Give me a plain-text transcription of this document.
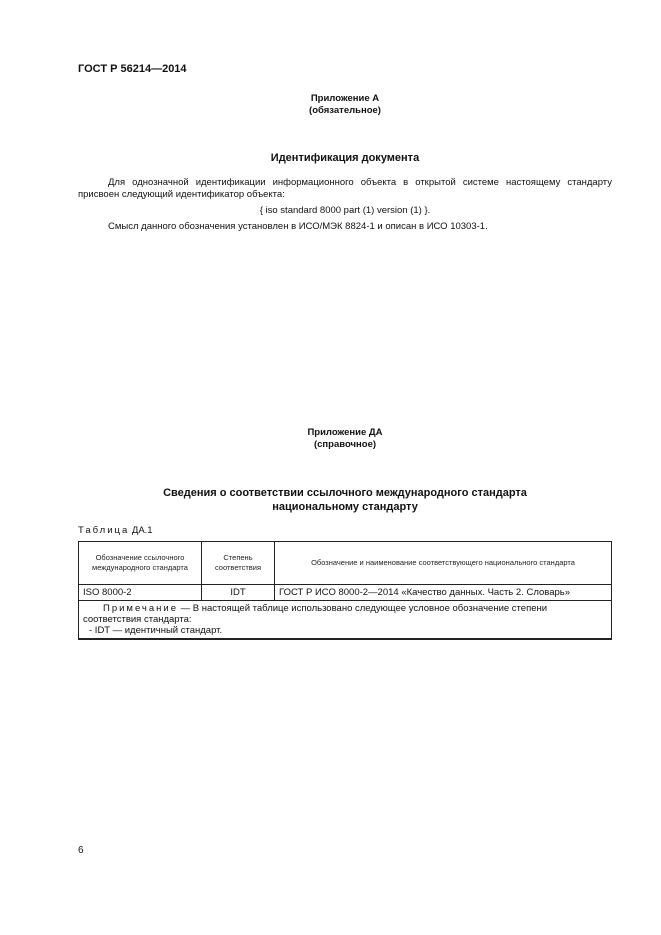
ГОСТ Р 56214—2014
Приложение А
(обязательное)
Идентификация документа
Для однозначной идентификации информационного объекта в открытой системе настоящему стандарту присвоен следующий идентификатор объекта:
{ iso standard 8000 part (1) version (1) }.
Смысл данного обозначения установлен в ИСО/МЭК 8824-1 и описан в ИСО 10303-1.
Приложение ДА
(справочное)
Сведения о соответствии ссылочного международного стандарта
национальному стандарту
Таблица ДА.1
Обозначение ссылочного международного стандарта	Степень соответствия	Обозначение и наименование соответствующего национального стандарта
ISO 8000-2	IDT	ГОСТ Р ИСО 8000-2—2014 «Качество данных. Часть 2. Словарь»

Примечание — В настоящей таблице использовано следующее условное обозначение степени соответствия стандарта:
- IDT — идентичный стандарт.		
6
